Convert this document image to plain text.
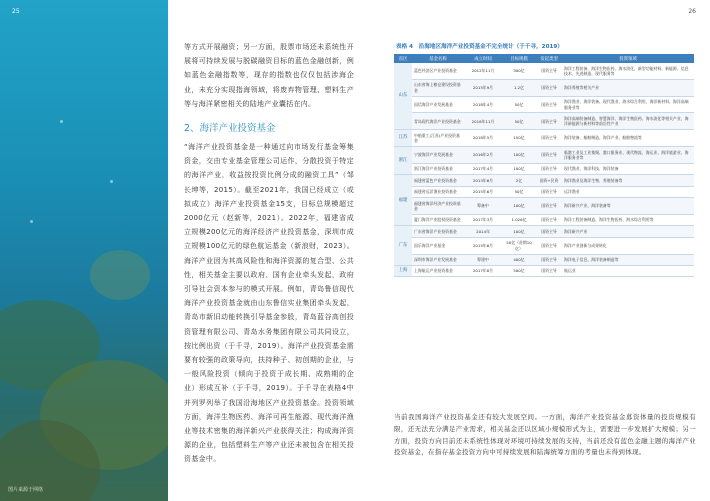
25
图片来源于网络

等方式开展融资；另一方面，股票市场还未系统性开展将可持续发展与脱碳融资目标的蓝色金融创新，例如蓝色金融指数等，现存的指数也仅仅包括涉海企业，未充分实现指海领域，将废弃物管理、塑料生产等与海洋紧密相关的陆地产业囊括在内。

2、海洋产业投资基金

“海洋产业投资基金是一种通过向市场发行基金筹集资金，交由专业基金管理公司运作，分散投资于特定的海洋产业，收益按投资比例分成的融资工具”（邹长坤等，2015）。截至2021年，我国已经成立（或拟成立）海洋产业投资基金15支，目标总规模超过2000亿元（赵新等，2021）。2022年，福建省成立规模200亿元的海洋经济产业投资基金，深圳市成立规模100亿元的绿色航运基金（新浪财，2023）。海洋产业因为其高风险性和海洋资源的复合型、公共性，相关基金主要以政府、国有企业牵头发起，政府引导社会资本参与的模式开展。例如，青岛鲁信现代海洋产业投资基金就由山东鲁信实业集团牵头发起，青岛市新旧动能转换引导基金参股，青岛蓝谷高创投资管理有限公司、青岛水务集团有限公司共同设立，按比例出资（于千寻，2019）。海洋产业投资基金需要有较强的政策导向，扶持种子、初创期的企业，与一般风险投资（倾向于投资于成长期、成熟期的企业）形成互补（于千寻，2019）。于千寻在表格4中并列罗列举了我国沿海地区产业投资基金。投资领域方面，海洋生物医药、海洋可再生能源、现代海洋渔业等技术密集的海洋新兴产业获得关注；构成海洋资源的企业，包括塑料生产等产业还未被包含在相关投资基金中。

26
表格 4　沿海地区海洋产业投资基金不完全统计（于千寻，2019）
省区	基金名称	成立时间	目标规模	发起类型	投资领域
山东	蓝色经济区产业投资基金	2012年11月	300亿	国资主导	海洋工程装备、海洋生物医药、海水淡化、新型功能材料、新能源、信息技术、先进制造、现代服务等
	山东省海上粮仓建设投资基金	2015年9月	1.2亿	国资主导	海洋养殖等相关产业
	国信海洋产业发展基金	2018年4月	50亿	国资主导	海洋渔业、海洋装备、现代渔业、海水综合利用、海洋新材料、海洋高端服务业等
	青岛现代海洋产业投资基金	2018年11月	50亿	国资主导	海洋高端装备制造、智慧海洋、海洋生物医药、海水淡化等相关产业，海洋新能源与新材料等前沿性产业
江苏	中船重工(江苏)产业投资基金	2018年5月	150亿	国资主导	海洋装备、船舶制造、海洋产业、船舶物流等
浙江	宁波海洋产业发展基金	2016年2月	100亿	国资主导	临港工业及工业集聚、港口服务业、现代物流、海运业、海洋旅游业、海洋服务业等
	浙江海洋产业投资基金	2017年4月	100亿	国资主导	现代渔业、海洋科技、海洋装备
福建	福建省蓝色产业投资基金	2013年6月	2亿	国资+民资	海洋渔业及海洋生物、养殖装备等
	福建省远洋渔业投资基金	2015年6月	50亿	国资主导	远洋渔业
	福建省海洋经济产业投资基金	筹备中	100亿	国资主导	海洋新兴产业、海洋装备等
	厦门海洋产业股权投资基金	2017年3月	1.026亿	国资主导	海洋工程装备制造、海洋生物医药、海水综合利用等
广东	广东省海洋产业投资基金	2014年	100亿	国资主导	海洋新兴产业
	国乐海洋产业基金	2015年6月	50亿（首期10亿）	国资主导	海洋产业创新与成果转化
	深圳市海洋产业发展基金	筹建中	400亿	国资主导	海洋电子信息、海洋装备制造等
上海	上海航运产业投资基金	2017年8月	500亿	国资主导	航运业

当前我国海洋产业投资基金还有较大发展空间。一方面，海洋产业投资基金募资体量的投资规模有限，还无法充分满足产业需求，相关基金还以区域小规模形式为主，需要进一步发展扩大规模；另一方面，投资方向目前还未系统性体现对环境可持续发展的支持，当前还没有蓝色金融主题的海洋产业投资基金，在指存基金投资方向中可持续发展和陆海统筹方面的考量也未得到体现。
